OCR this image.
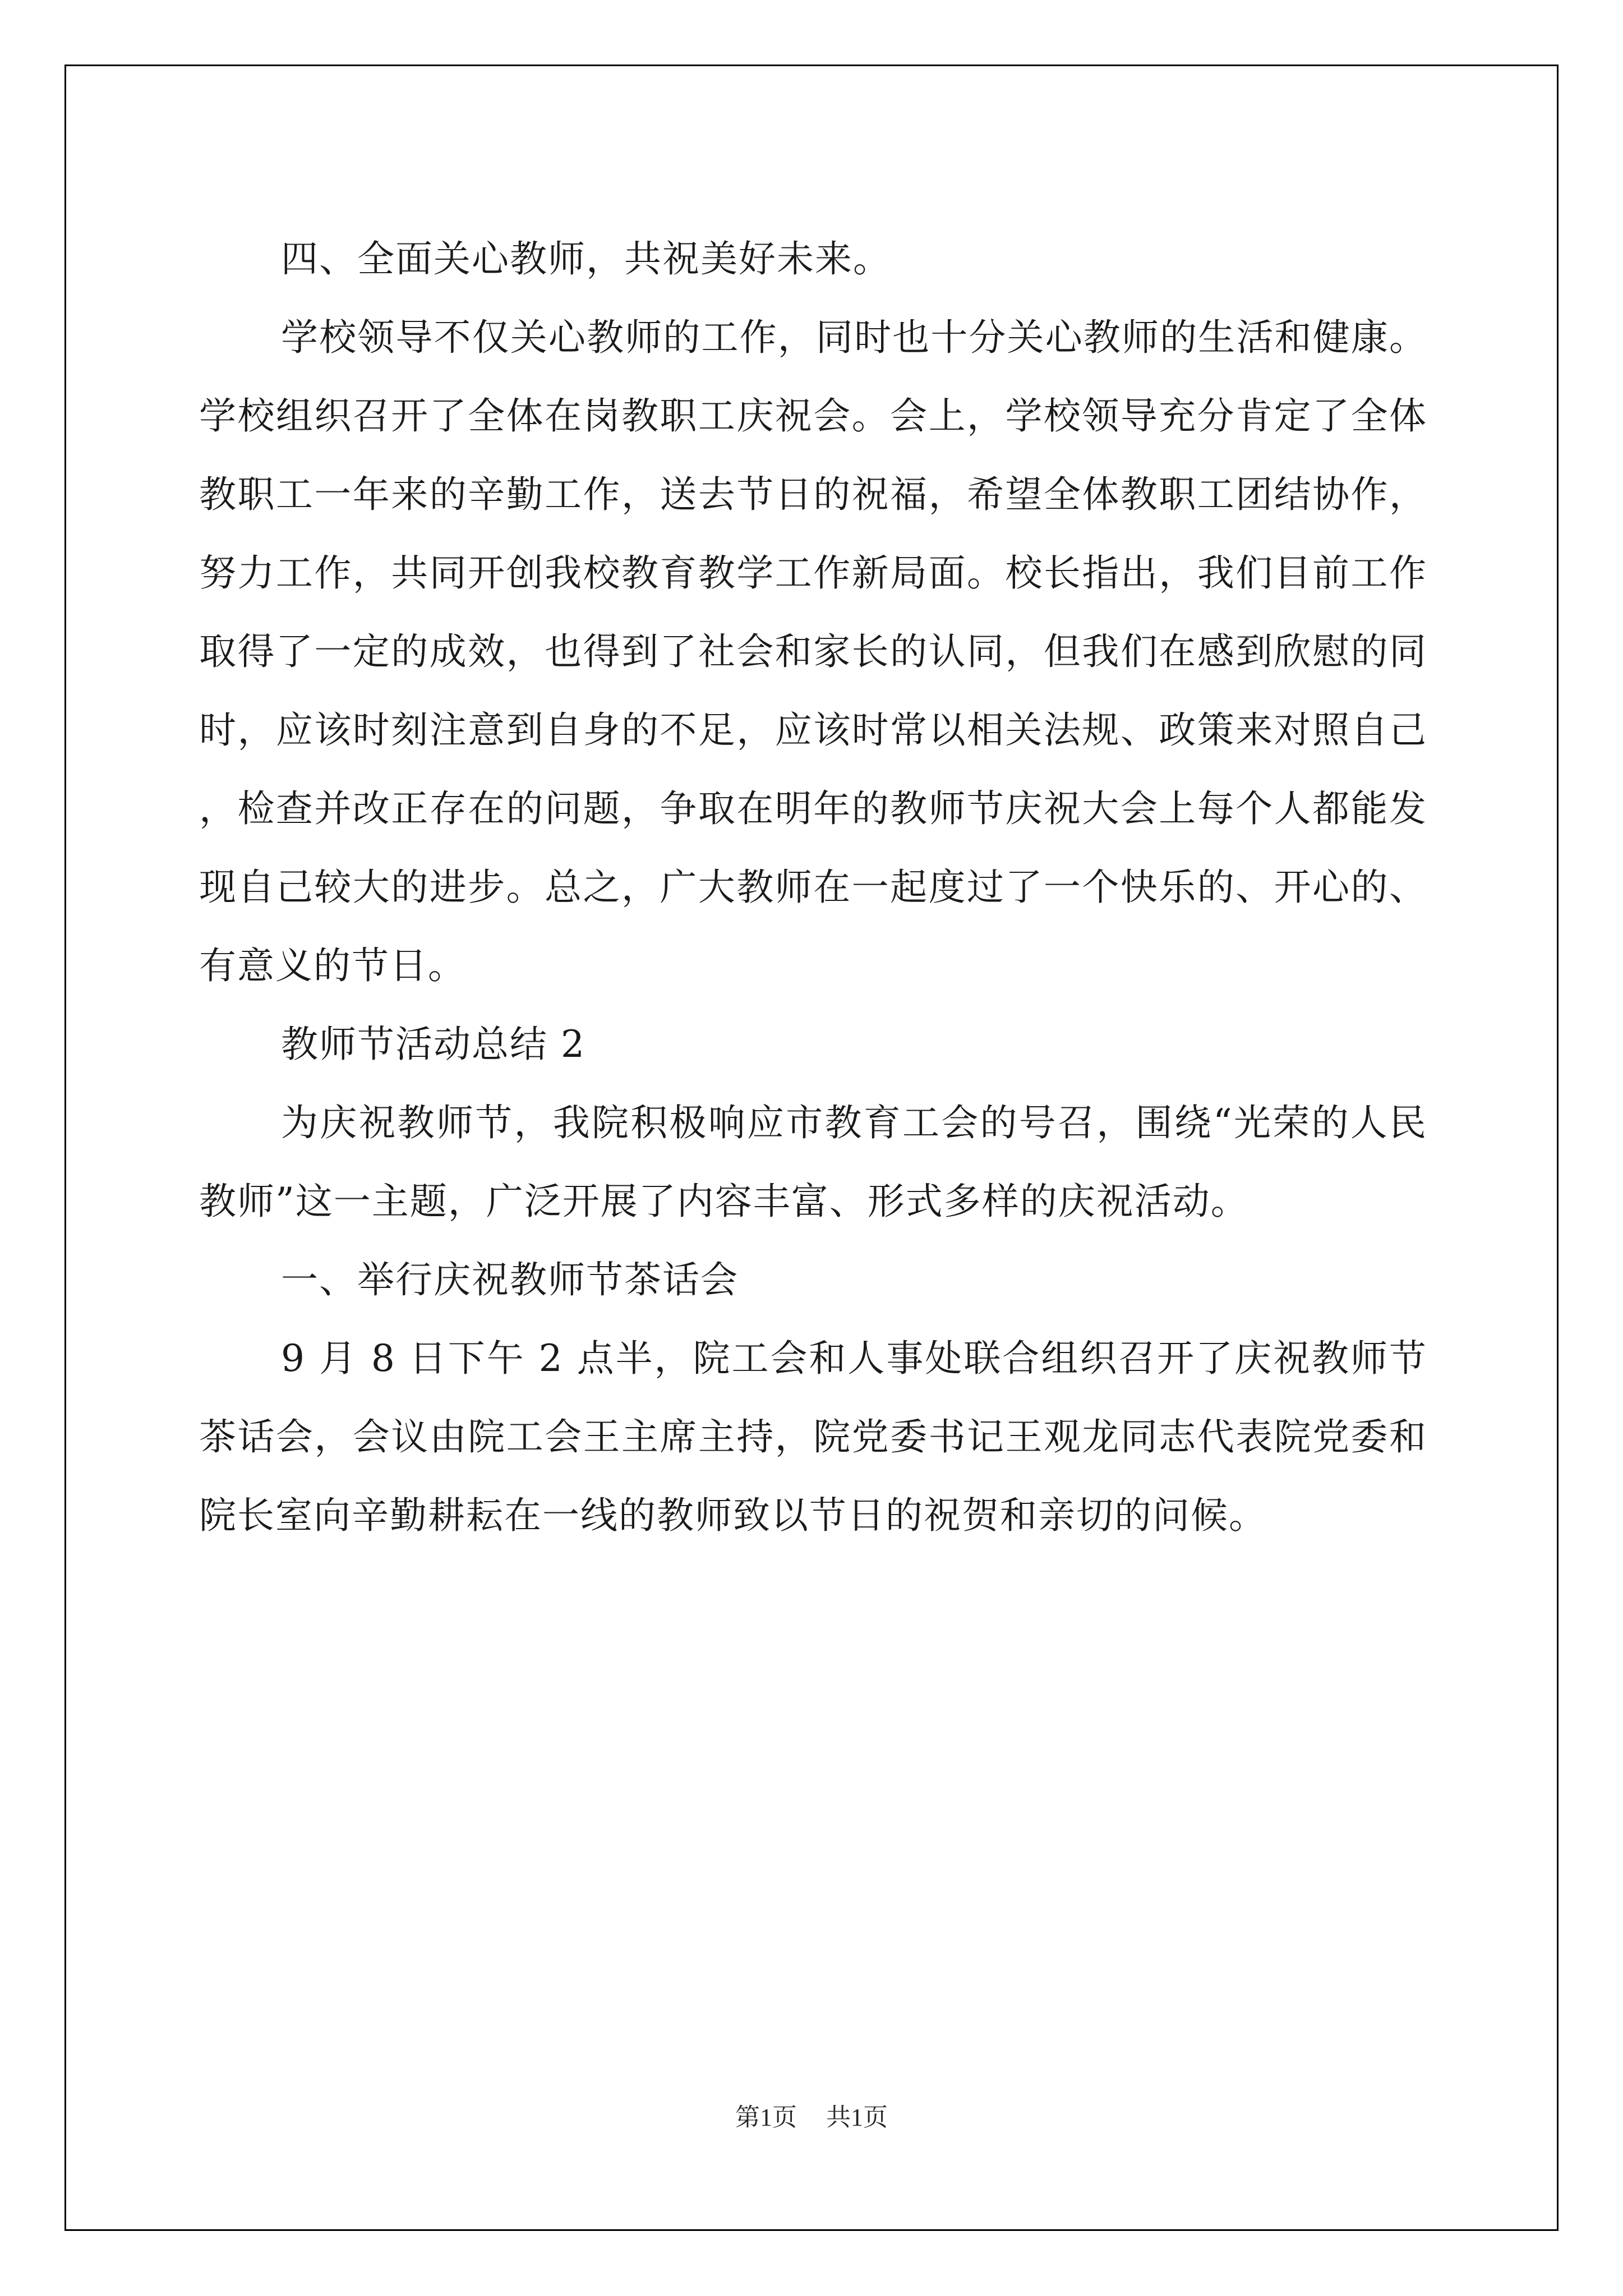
四、全面关心教师，共祝美好未来。

学校领导不仅关心教师的工作，同时也十分关心教师的生活和健康。学校组织召开了全体在岗教职工庆祝会。会上，学校领导充分肯定了全体教职工一年来的辛勤工作，送去节日的祝福，希望全体教职工团结协作，努力工作，共同开创我校教育教学工作新局面。校长指出，我们目前工作取得了一定的成效，也得到了社会和家长的认同，但我们在感到欣慰的同时，应该时刻注意到自身的不足，应该时常以相关法规、政策来对照自己，检查并改正存在的问题，争取在明年的教师节庆祝大会上每个人都能发现自己较大的进步。总之，广大教师在一起度过了一个快乐的、开心的、有意义的节日。

教师节活动总结 2

为庆祝教师节，我院积极响应市教育工会的号召，围绕“光荣的人民教师”这一主题，广泛开展了内容丰富、形式多样的庆祝活动。

一、举行庆祝教师节茶话会

9 月 8 日下午 2 点半，院工会和人事处联合组织召开了庆祝教师节茶话会，会议由院工会王主席主持，院党委书记王观龙同志代表院党委和院长室向辛勤耕耘在一线的教师致以节日的祝贺和亲切的问候。

第1页 共1页
